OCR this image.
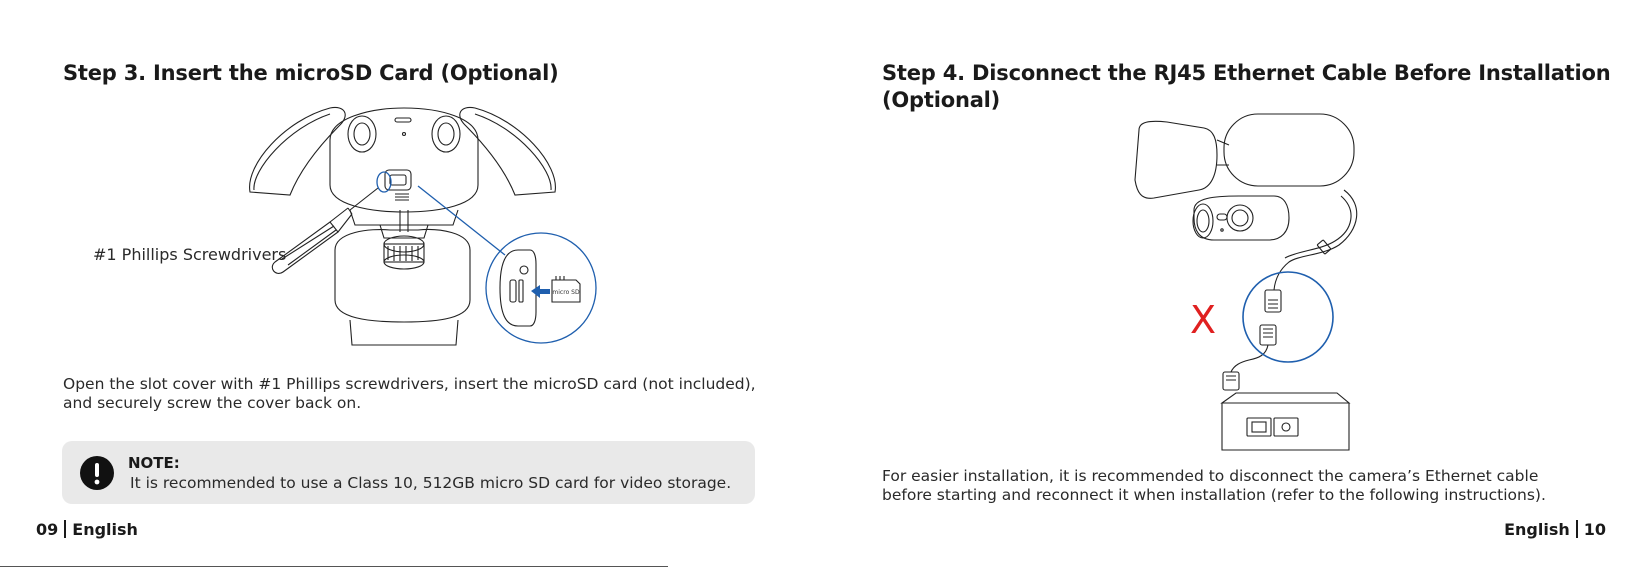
Step 3. Insert the microSD Card (Optional)
micro SD
#1 Phillips Screwdrivers

Open the slot cover with #1 Phillips screwdrivers, insert the microSD card (not included),

and securely screw the cover back on.

NOTE:
It is recommended to use a Class 10, 512GB micro SD card for video storage.
09 English
Step 4. Disconnect the RJ45 Ethernet Cable Before Installation
(Optional)
X

For easier installation, it is recommended to disconnect the camera’s Ethernet cable

before starting and reconnect it when installation (refer to the following instructions).

English 10
